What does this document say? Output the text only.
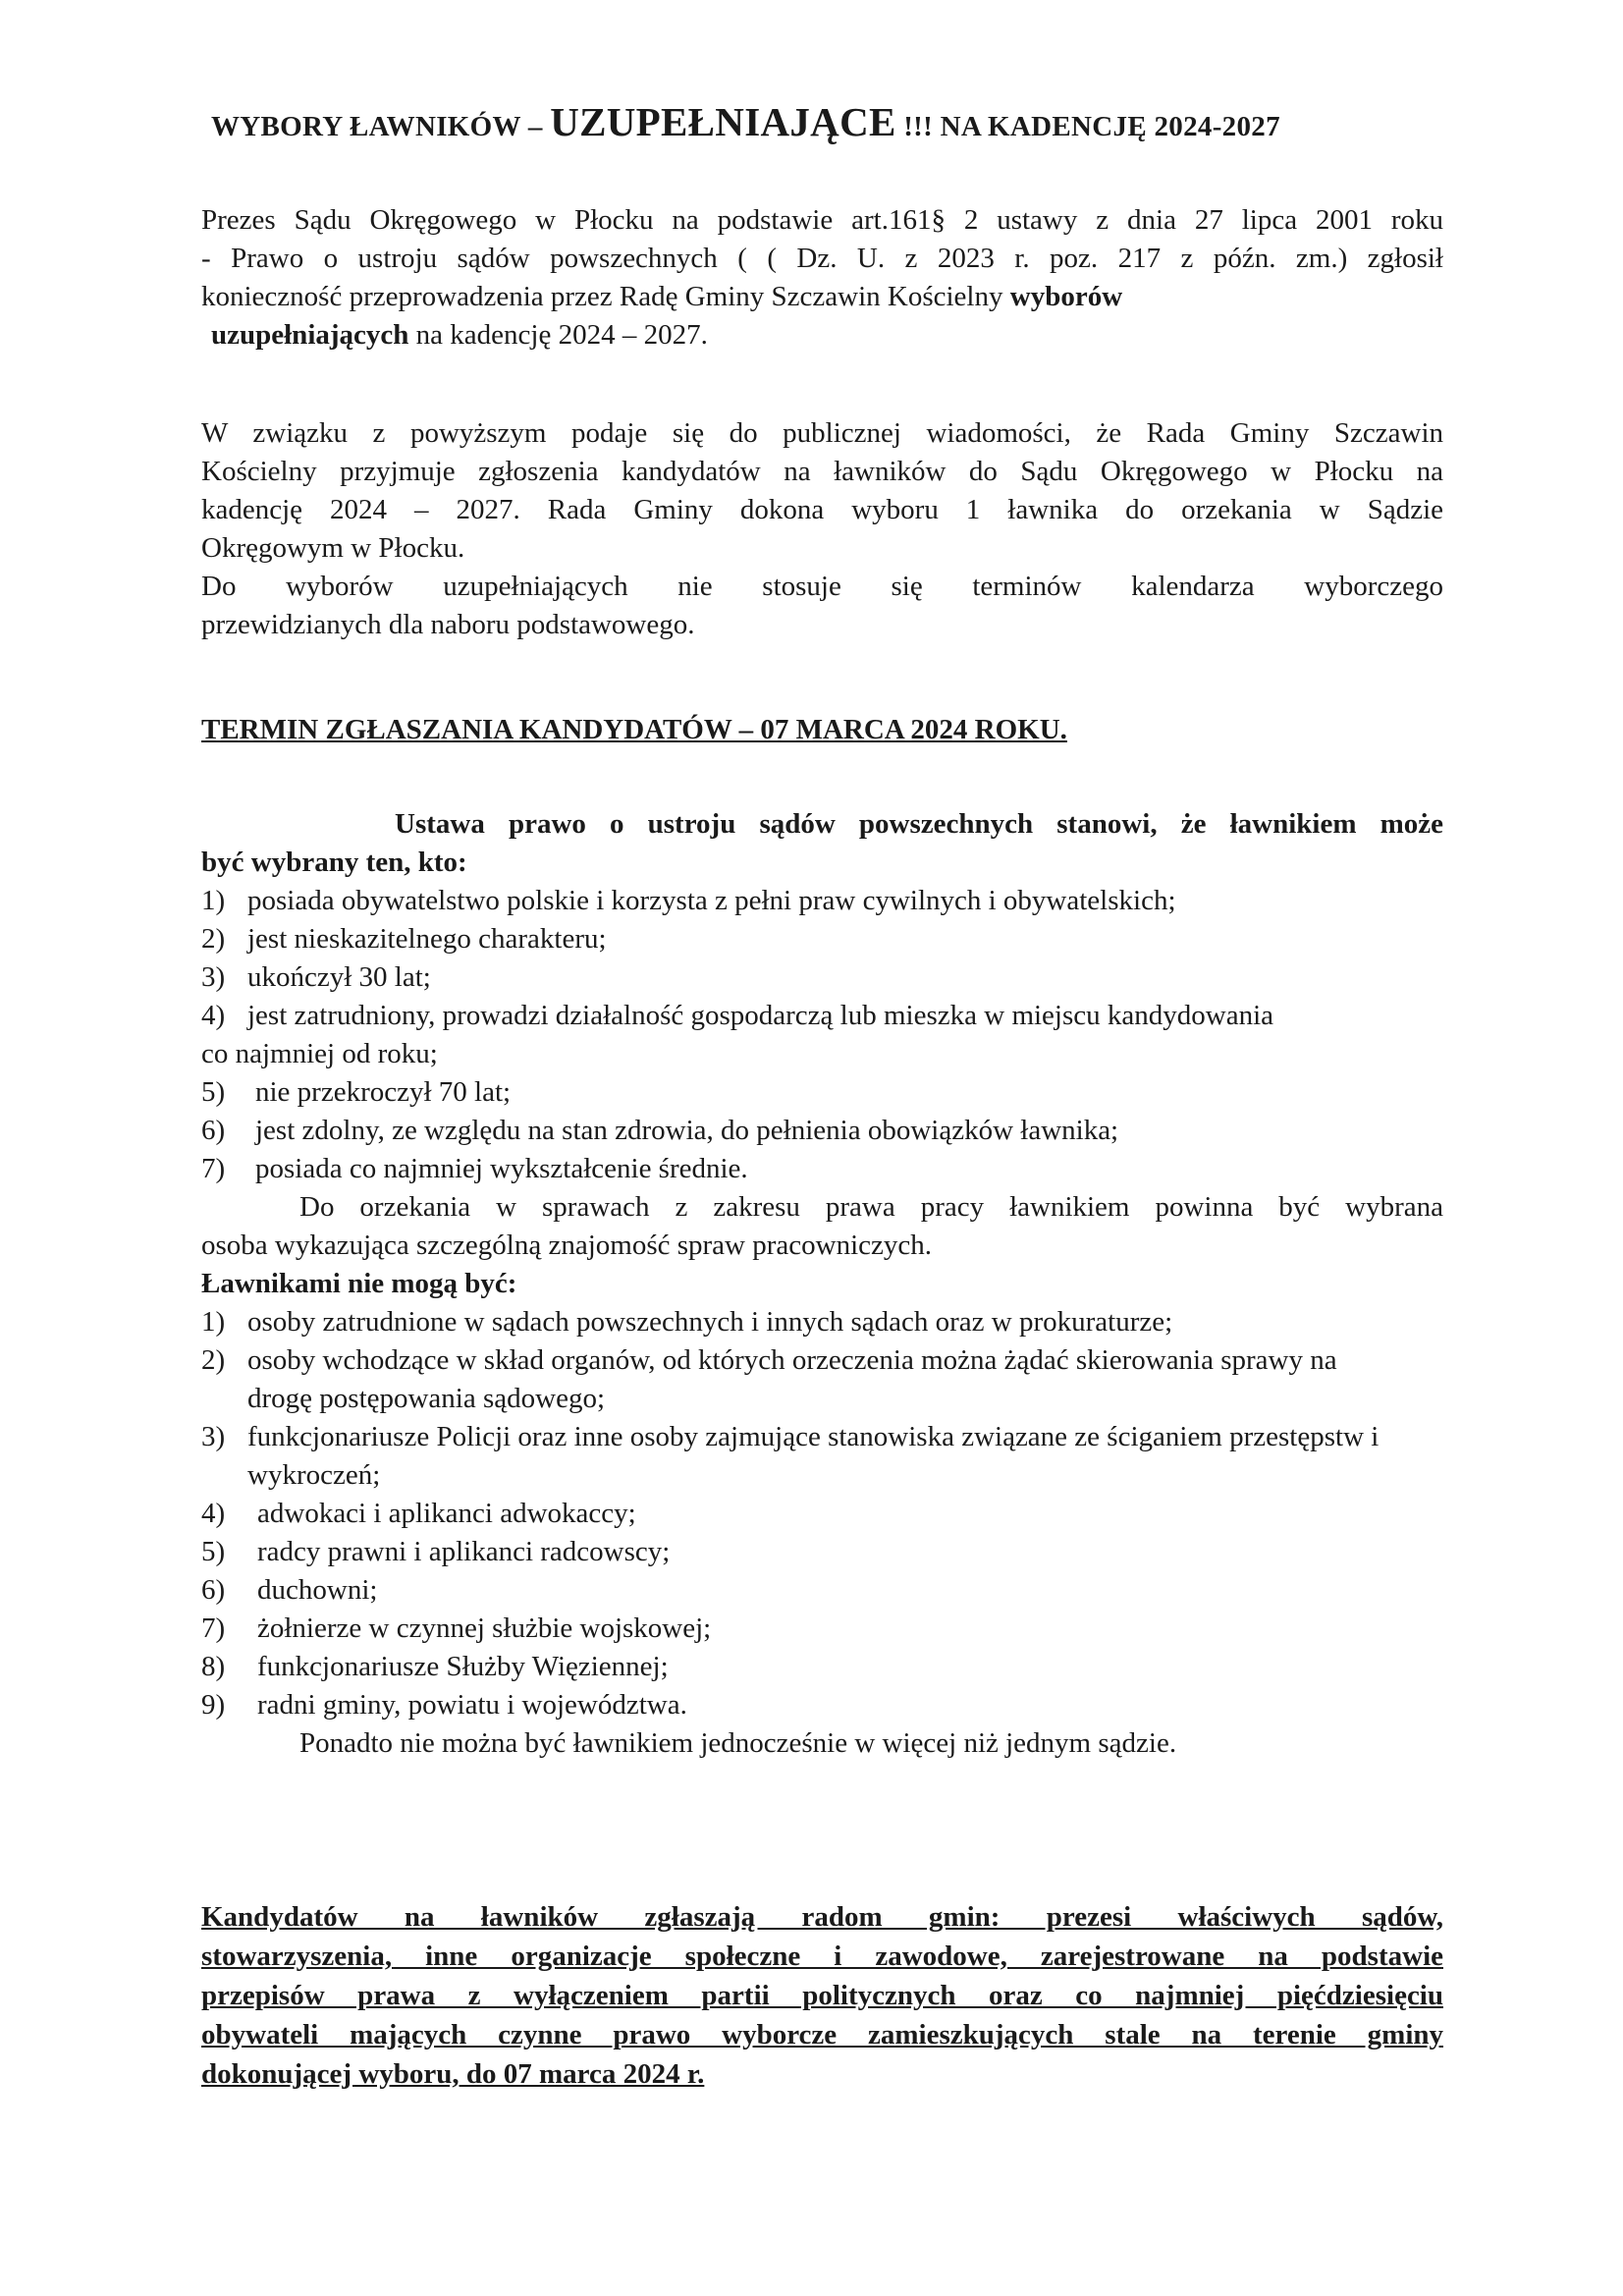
WYBORY ŁAWNIKÓW – UZUPEŁNIAJĄCE !!! NA KADENCJĘ 2024-2027
Prezes Sądu Okręgowego w Płocku na podstawie art.161§ 2 ustawy z dnia 27 lipca 2001 roku
- Prawo o ustroju sądów powszechnych ( ( Dz. U. z 2023 r. poz. 217 z późn. zm.) zgłosił
konieczność przeprowadzenia przez Radę Gminy Szczawin Kościelny wyborów
uzupełniających na kadencję 2024 – 2027.
W związku z powyższym podaje się do publicznej wiadomości, że Rada Gminy Szczawin
Kościelny przyjmuje zgłoszenia kandydatów na ławników do Sądu Okręgowego w Płocku na
kadencję 2024 – 2027. Rada Gminy dokona wyboru 1 ławnika do orzekania w Sądzie
Okręgowym w Płocku.
Do wyborów uzupełniających nie stosuje się terminów kalendarza wyborczego
przewidzianych dla naboru podstawowego.
TERMIN ZGŁASZANIA KANDYDATÓW – 07 MARCA 2024 ROKU.
Ustawa prawo o ustroju sądów powszechnych stanowi, że ławnikiem może
być wybrany ten, kto:
1) posiada obywatelstwo polskie i korzysta z pełni praw cywilnych i obywatelskich;
2) jest nieskazitelnego charakteru;
3) ukończył 30 lat;
4) jest zatrudniony, prowadzi działalność gospodarczą lub mieszka w miejscu kandydowania
co najmniej od roku;
5)	nie przekroczył 70 lat;
6)	jest zdolny, ze względu na stan zdrowia, do pełnienia obowiązków ławnika;
7)	posiada co najmniej wykształcenie średnie.
Do orzekania w sprawach z zakresu prawa pracy ławnikiem powinna być wybrana
osoba wykazująca szczególną znajomość spraw pracowniczych.
Ławnikami nie mogą być:
1) osoby zatrudnione w sądach powszechnych i innych sądach oraz w prokuraturze;
2) osoby wchodzące w skład organów, od których orzeczenia można żądać skierowania sprawy na drogę postępowania sądowego;
3) funkcjonariusze Policji oraz inne osoby zajmujące stanowiska związane ze ściganiem przestępstw i wykroczeń;
4)	adwokaci i aplikanci adwokaccy;
5)	radcy prawni i aplikanci radcowscy;
6)	duchowni;
7)	żołnierze w czynnej służbie wojskowej;
8)	funkcjonariusze Służby Więziennej;
9)	radni gminy, powiatu i województwa.
Ponadto nie można być ławnikiem jednocześnie w więcej niż jednym sądzie.
Kandydatów na ławników zgłaszają radom gmin: prezesi właściwych sądów,
stowarzyszenia, inne organizacje społeczne i zawodowe, zarejestrowane na podstawie
przepisów prawa z wyłączeniem partii politycznych oraz co najmniej pięćdziesięciu
obywateli mających czynne prawo wyborcze zamieszkujących stale na terenie gminy
dokonującej wyboru, do 07 marca 2024 r.
